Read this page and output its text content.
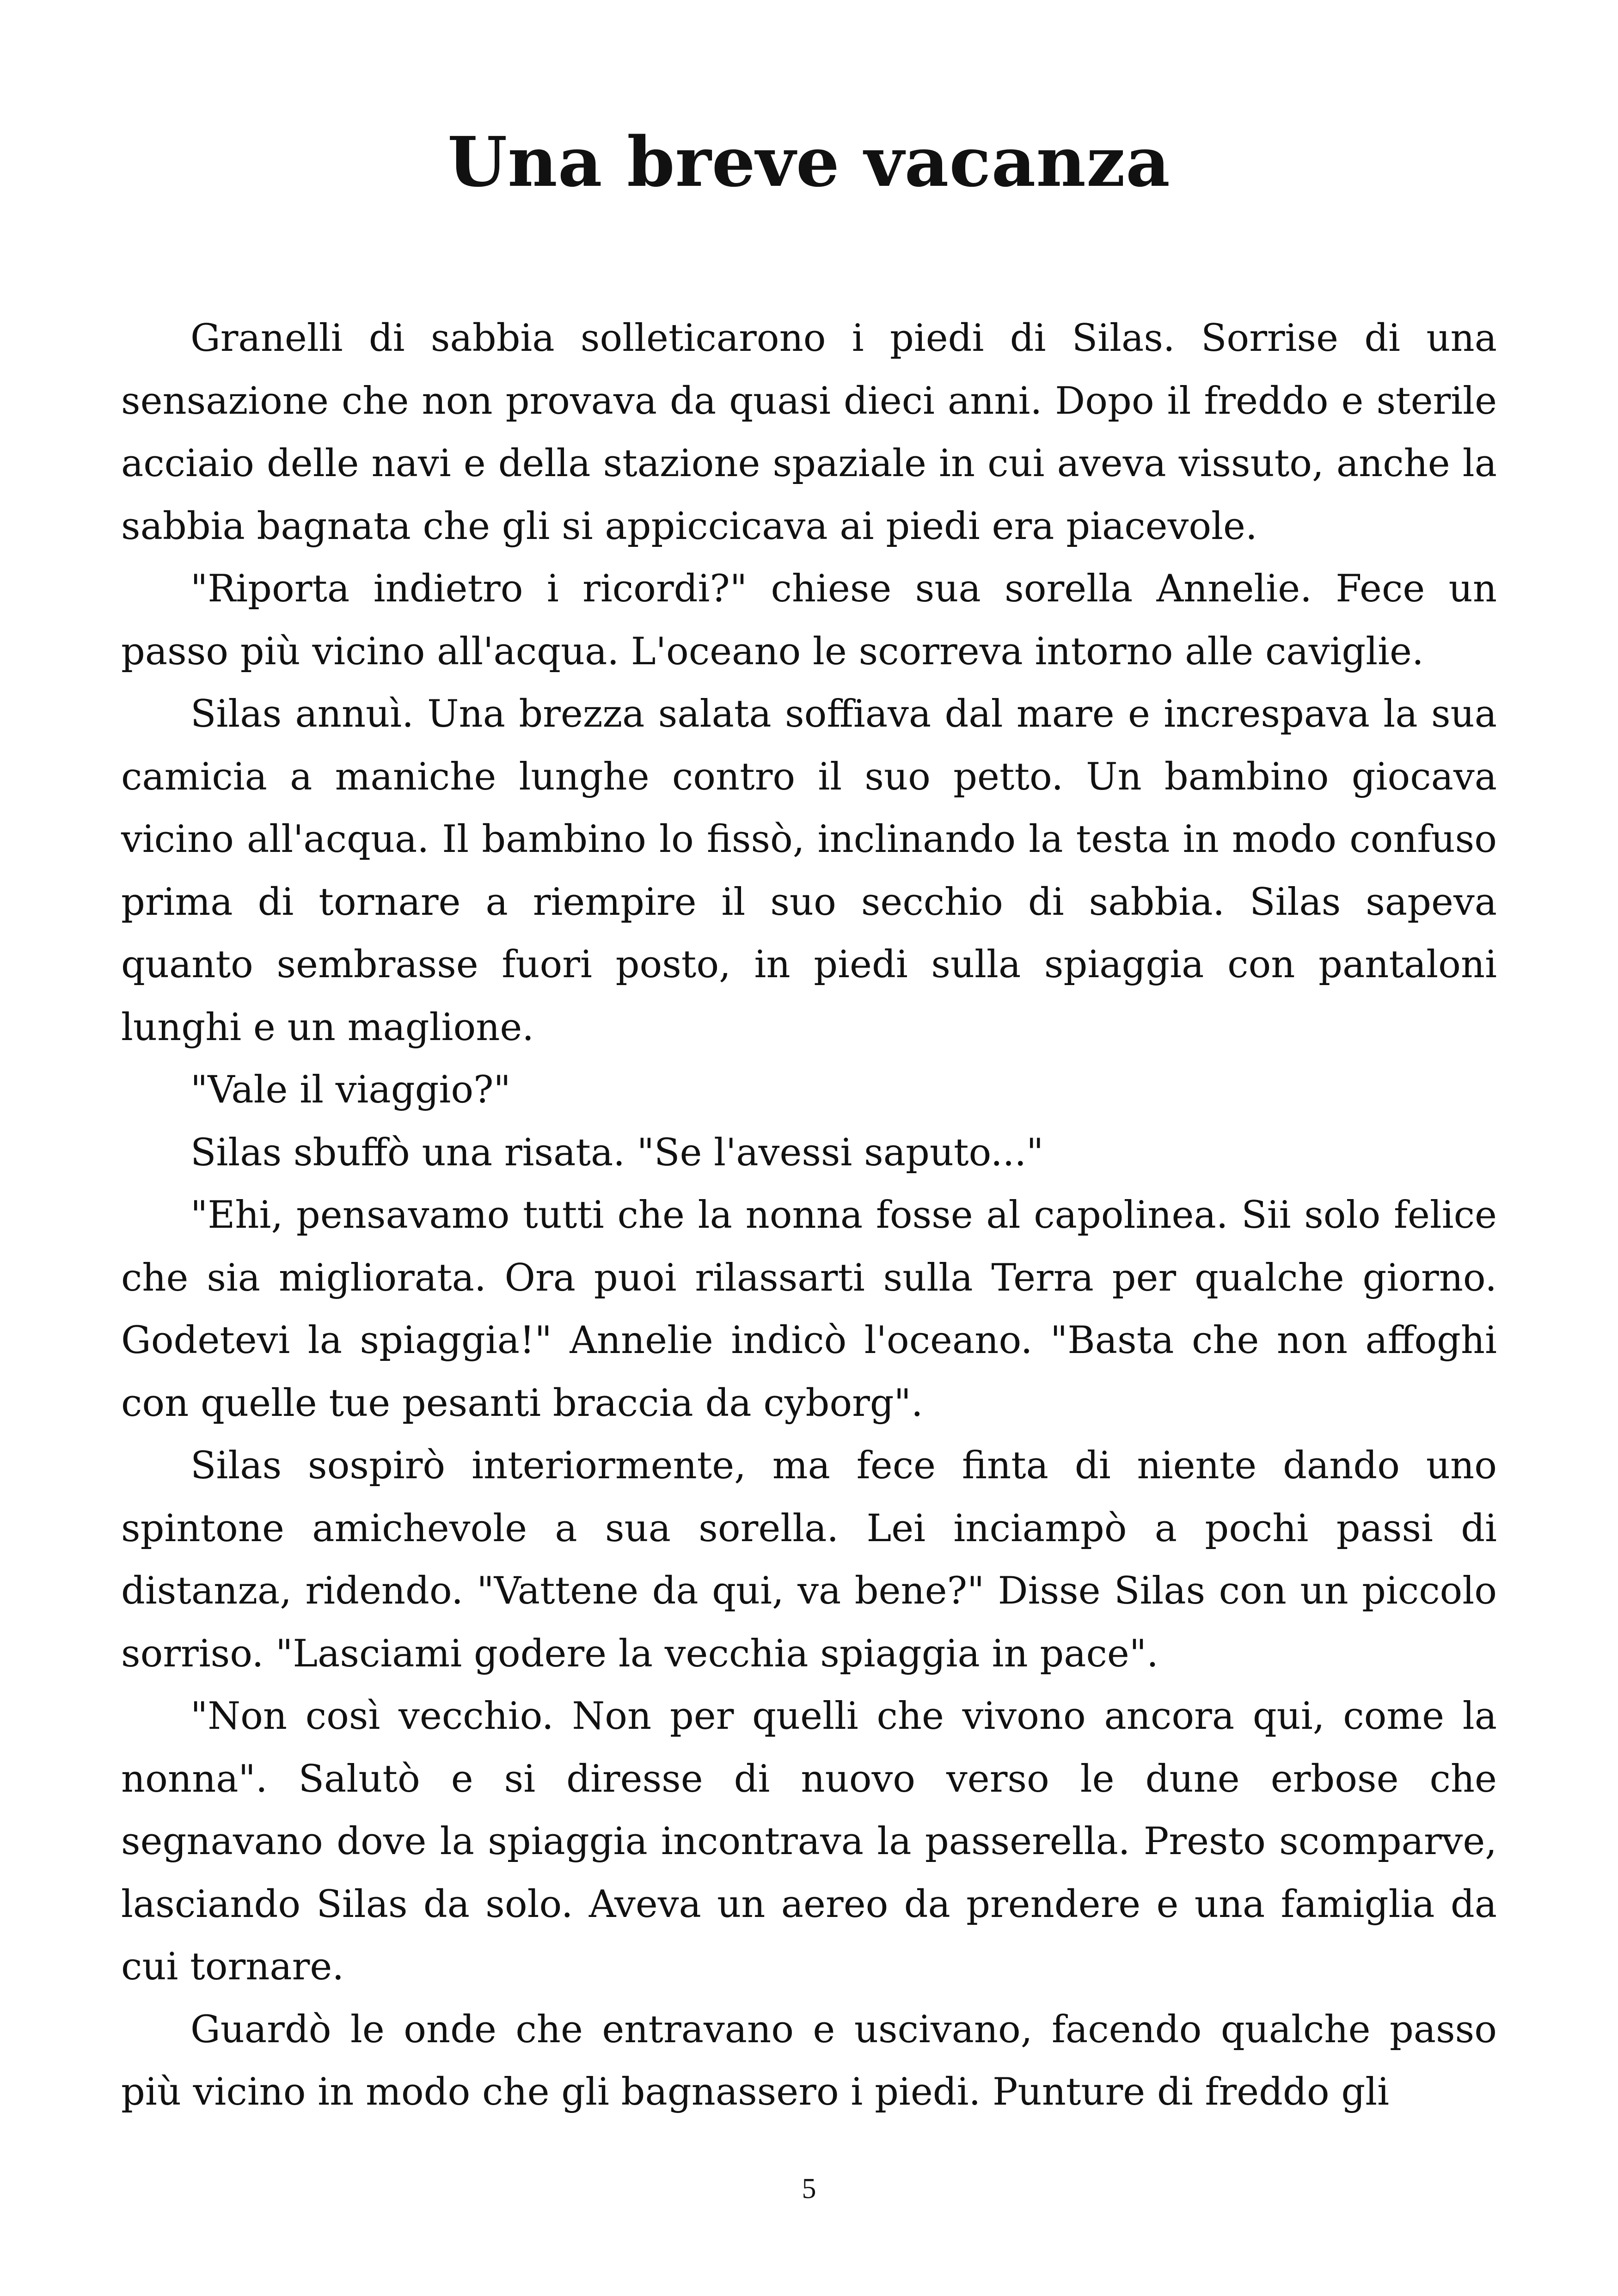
Una breve vacanza

Granelli di sabbia solleticarono i piedi di Silas. Sorrise di una sensazione che non provava da quasi dieci anni. Dopo il freddo e sterile acciaio delle navi e della stazione spaziale in cui aveva vissuto, anche la sabbia bagnata che gli si appiccicava ai piedi era piacevole.

"Riporta indietro i ricordi?" chiese sua sorella Annelie. Fece un passo più vicino all'acqua. L'oceano le scorreva intorno alle caviglie.

Silas annuì. Una brezza salata soffiava dal mare e increspava la sua camicia a maniche lunghe contro il suo petto. Un bambino giocava vicino all'acqua. Il bambino lo fissò, inclinando la testa in modo confuso prima di tornare a riempire il suo secchio di sabbia. Silas sapeva quanto sembrasse fuori posto, in piedi sulla spiaggia con pantaloni lunghi e un maglione.

"Vale il viaggio?"

Silas sbuffò una risata. "Se l'avessi saputo..."

"Ehi, pensavamo tutti che la nonna fosse al capolinea. Sii solo felice che sia migliorata. Ora puoi rilassarti sulla Terra per qualche giorno. Godetevi la spiaggia!" Annelie indicò l'oceano. "Basta che non affoghi con quelle tue pesanti braccia da cyborg".

Silas sospirò interiormente, ma fece finta di niente dando uno spintone amichevole a sua sorella. Lei inciampò a pochi passi di distanza, ridendo. "Vattene da qui, va bene?" Disse Silas con un piccolo sorriso. "Lasciami godere la vecchia spiaggia in pace".

"Non così vecchio. Non per quelli che vivono ancora qui, come la nonna". Salutò e si diresse di nuovo verso le dune erbose che segnavano dove la spiaggia incontrava la passerella. Presto scomparve, lasciando Silas da solo. Aveva un aereo da prendere e una famiglia da cui tornare.

Guardò le onde che entravano e uscivano, facendo qualche passo più vicino in modo che gli bagnassero i piedi. Punture di freddo gli

5
